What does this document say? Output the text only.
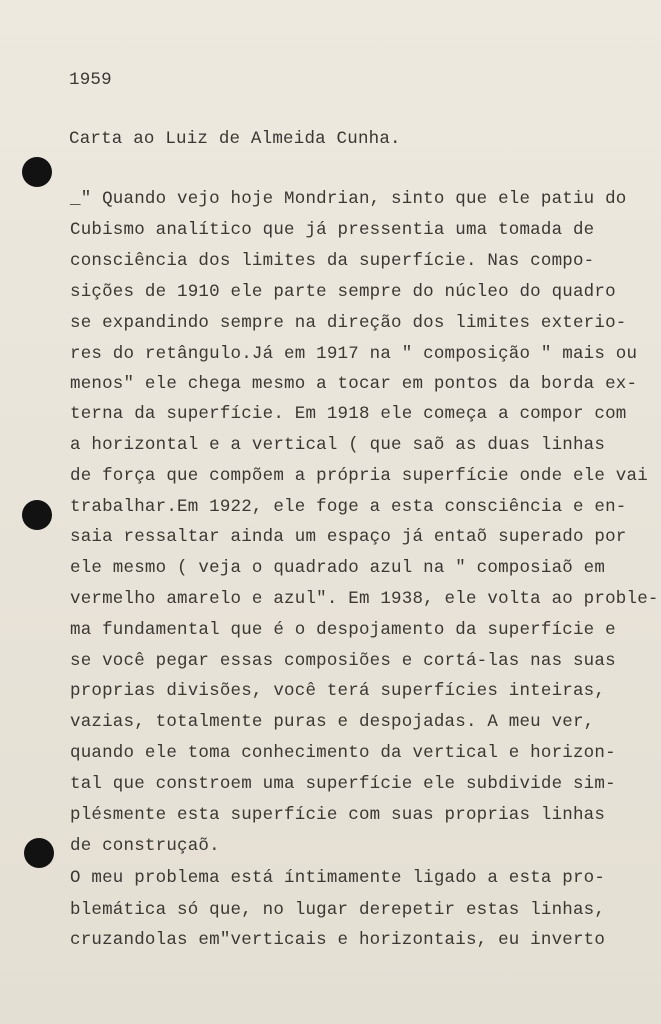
1959
Carta ao Luiz de Almeida Cunha.
_" Quando vejo hoje Mondrian, sinto que ele patiu do
Cubismo analítico que já pressentia uma tomada de
consciência dos limites da superfície. Nas compo-
sições de 1910 ele parte sempre do núcleo do quadro
se expandindo sempre na direção dos limites exterio-
res do retângulo.Já em 1917 na " composição " mais ou
menos" ele chega mesmo a tocar em pontos da borda ex-
terna da superfície. Em 1918 ele começa a compor com
a horizontal e a vertical ( que saõ as duas linhas
de força que compõem a própria superfície onde ele vai
trabalhar.Em 1922, ele foge a esta consciência e en-
saia ressaltar ainda um espaço já entaõ superado por
ele mesmo ( veja o quadrado azul na " composiaõ em
vermelho amarelo e azul". Em 1938, ele volta ao proble-
ma fundamental que é o despojamento da superfície e
se você pegar essas composiões e cortá-las nas suas
proprias divisões, você terá superfícies inteiras,
vazias, totalmente puras e despojadas. A meu ver,
quando ele toma conhecimento da vertical e horizon-
tal que constroem uma superfície ele subdivide sim-
plésmente esta superfície com suas proprias linhas
de construçaõ.
O meu problema está íntimamente ligado a esta pro-
blemática só que, no lugar derepetir estas linhas,
cruzandolas em"verticais e horizontais, eu inverto
